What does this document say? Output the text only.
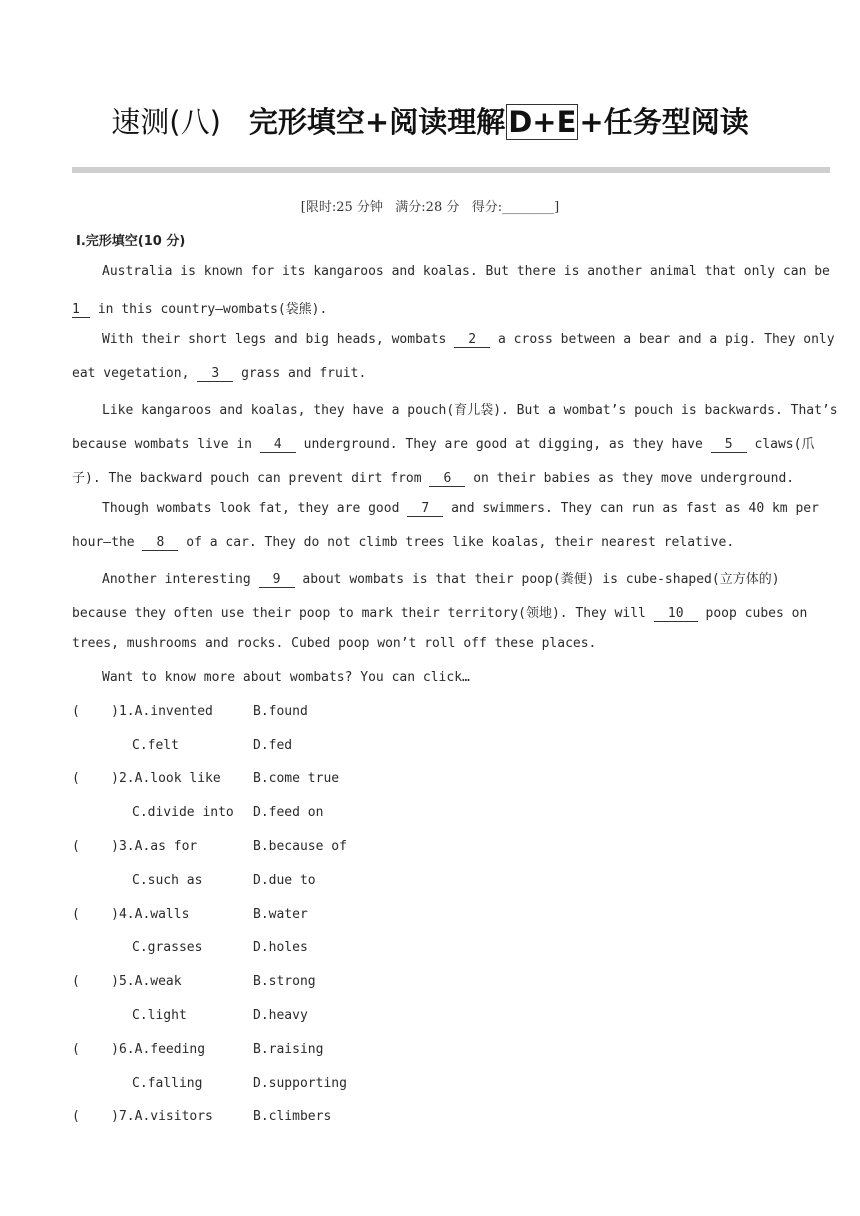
速测(八) 完形填空+阅读理解 D+E +任务型阅读
[限时:25 分钟   满分:28 分   得分:________]
Ⅰ.完形填空(10 分)
Australia is known for its kangaroos and koalas. But there is another animal that only can be
1 in this country—wombats(袋熊).
With their short legs and big heads, wombats 2 a cross between a bear and a pig. They only
eat vegetation, 3 grass and fruit.
Like kangaroos and koalas, they have a pouch(育儿袋). But a wombat’s pouch is backwards. That’s
because wombats live in 4 underground. They are good at digging, as they have 5 claws(爪
子). The backward pouch can prevent dirt from 6 on their babies as they move underground.
Though wombats look fat, they are good 7 and swimmers. They can run as fast as 40 km per
hour—the 8 of a car. They do not climb trees like koalas, their nearest relative.
Another interesting 9 about wombats is that their poop(粪便) is cube-shaped(立方体的)
because they often use their poop to mark their territory(领地). They will 10 poop cubes on
trees, mushrooms and rocks. Cubed poop won’t roll off these places.
Want to know more about wombats? You can click…
(    )1.A.invented	B.found
C.felt	D.fed
(    )2.A.look like B.come true
C.divide into D.feed on
(    )3.A.as for	B.because of
C.such as	D.due to
(    )4.A.walls	B.water
C.grasses	D.holes
(    )5.A.weak	B.strong
C.light	D.heavy
(    )6.A.feeding	B.raising
C.falling	D.supporting
(    )7.A.visitors	B.climbers
